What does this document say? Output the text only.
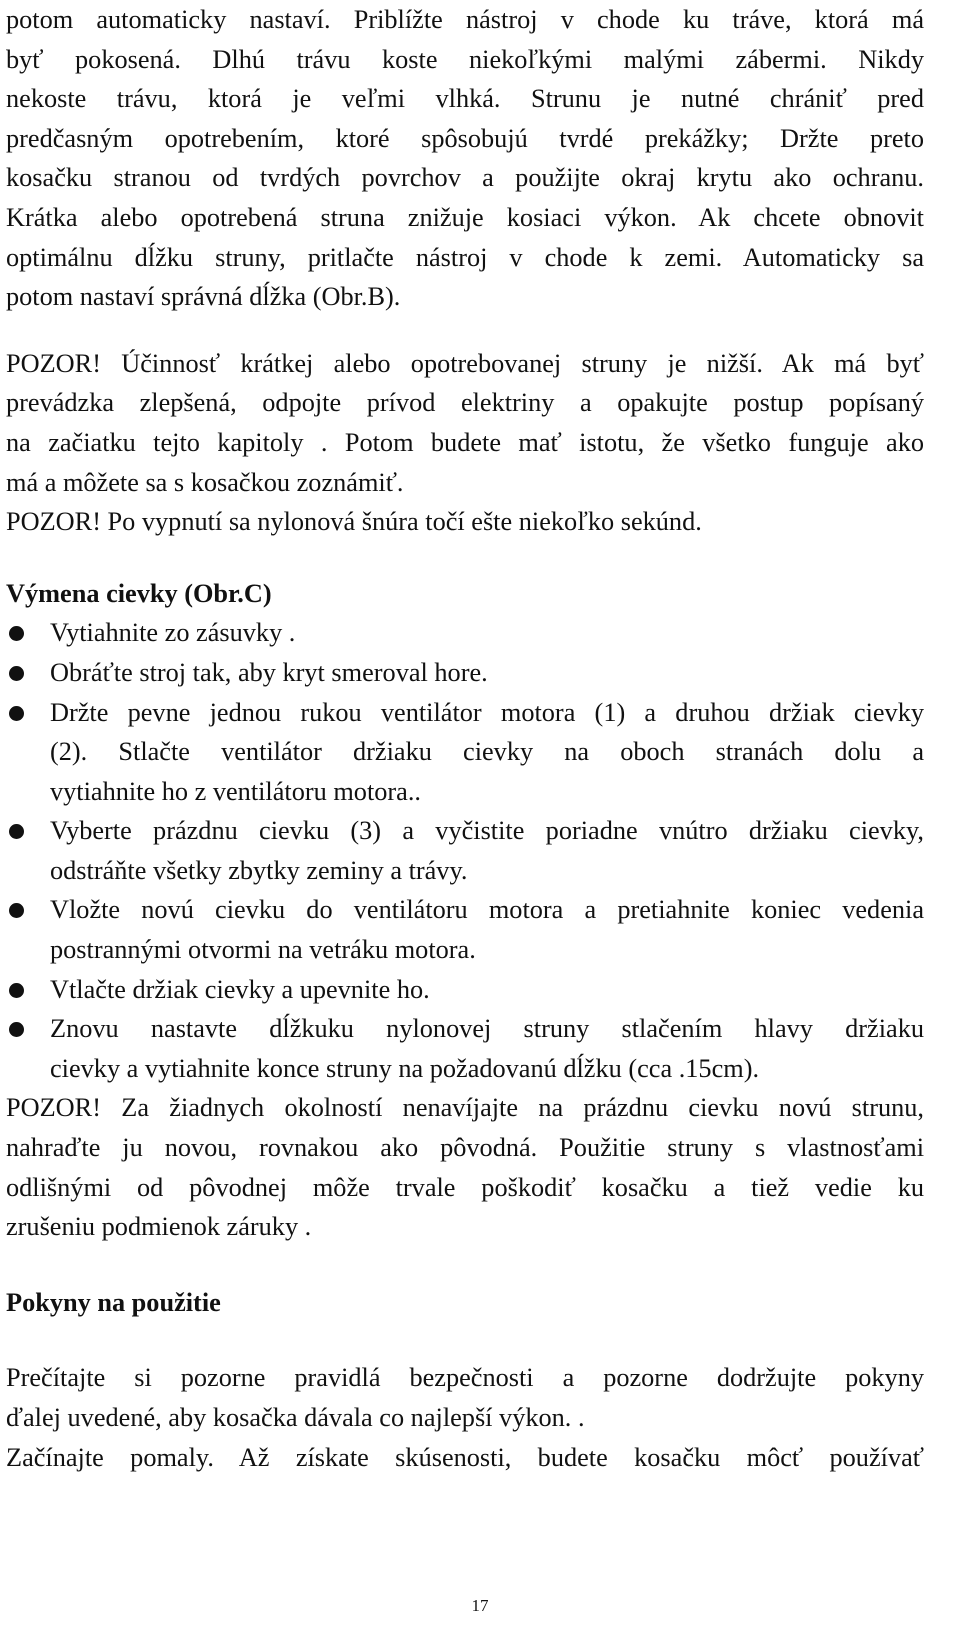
potom automaticky nastaví. Priblížte nástroj v chode ku tráve, ktorá má
byť pokosená. Dlhú trávu koste niekoľkými malými zábermi. Nikdy
nekoste trávu, ktorá je veľmi vlhká. Strunu je nutné chrániť pred
predčasným opotrebením, ktoré spôsobujú tvrdé prekážky; Držte preto
kosačku stranou od tvrdých povrchov a použijte okraj krytu ako ochranu.
Krátka alebo opotrebená struna znižuje kosiaci výkon. Ak chcete obnovit
optimálnu dĺžku struny, pritlačte nástroj v chode k zemi. Automaticky sa
potom nastaví správná dĺžka (Obr.B).
POZOR! Účinnosť krátkej alebo opotrebovanej struny je nižší. Ak má byť
prevádzka zlepšená, odpojte prívod elektriny a opakujte postup popísaný
na začiatku tejto kapitoly . Potom budete mať istotu, že všetko funguje ako
má a môžete sa s kosačkou zoznámiť.
POZOR! Po vypnutí sa nylonová šnúra točí ešte niekoľko sekúnd.
Výmena cievky (Obr.C)
Vytiahnite zo zásuvky .
Obráťte stroj tak, aby kryt smeroval hore.
Držte pevne jednou rukou ventilátor motora (1) a druhou držiak cievky
(2). Stlačte ventilátor držiaku cievky na oboch stranách dolu a
vytiahnite ho z ventilátoru motora..
Vyberte prázdnu cievku (3) a vyčistite poriadne vnútro držiaku cievky,
odstráňte všetky zbytky zeminy a trávy.
Vložte novú cievku do ventilátoru motora a pretiahnite koniec vedenia
postrannými otvormi na vetráku motora.
Vtlačte držiak cievky a upevnite ho.
Znovu nastavte dĺžkuku nylonovej struny stlačením hlavy držiaku
cievky a vytiahnite konce struny na požadovanú dĺžku (cca .15cm).
POZOR! Za žiadnych okolností nenavíjajte na prázdnu cievku novú strunu,
nahraďte ju novou, rovnakou ako pôvodná. Použitie struny s vlastnosťami
odlišnými od pôvodnej môže trvale poškodiť kosačku a tiež vedie ku
zrušeniu podmienok záruky .
Pokyny na použitie
Prečítajte si pozorne pravidlá bezpečnosti a pozorne dodržujte pokyny
ďalej uvedené, aby kosačka dávala co najlepší výkon. .
Začínajte pomaly. Až získate skúsenosti, budete kosačku môcť používať
17
